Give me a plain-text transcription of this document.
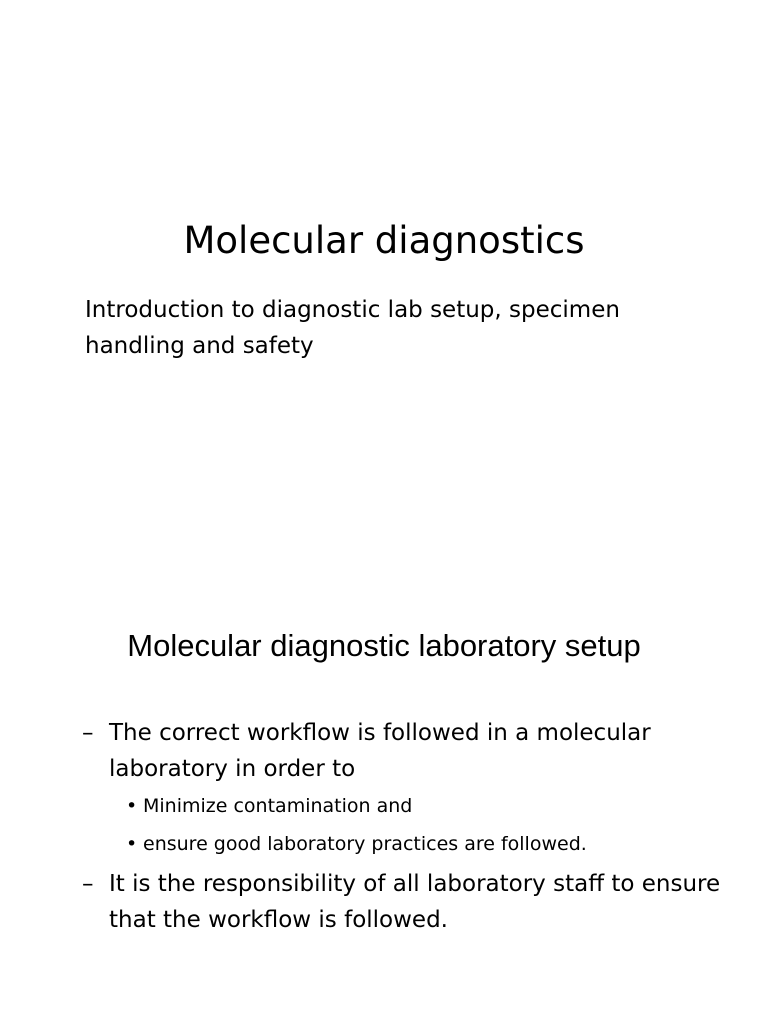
Molecular diagnostics

Introduction to diagnostic lab setup, specimen handling and safety

Molecular diagnostic laboratory setup
– The correct workflow is followed in a molecular laboratory in order to
• Minimize contamination and
• ensure good laboratory practices are followed.
– It is the responsibility of all laboratory staff to ensure that the workflow is followed.
